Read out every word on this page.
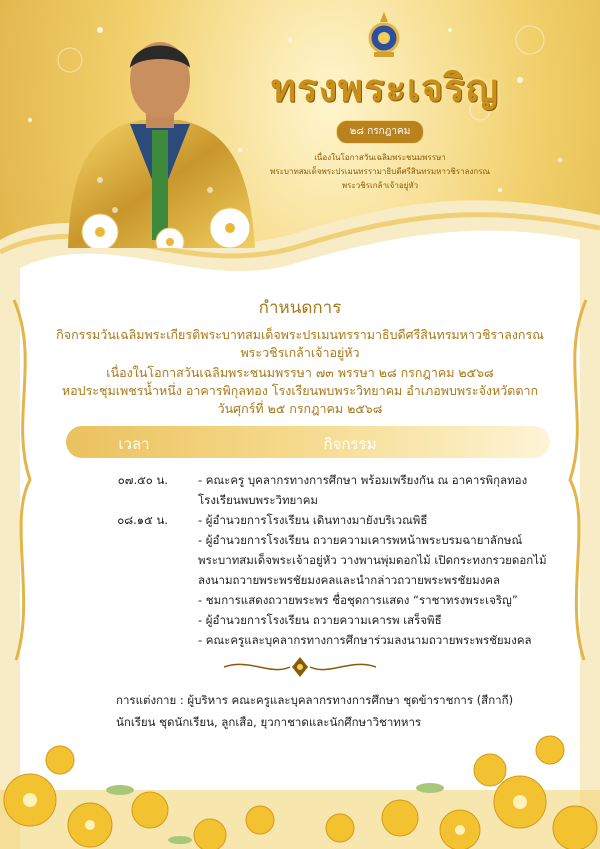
ทรงพระเจริญ
๒๘ กรกฎาคม
เนื่องในโอกาสวันเฉลิมพระชนมพรรษา
พระบาทสมเด็จพระปรเมนทรรามาธิบดีศรีสินทรมหาวชิราลงกรณ
พระวชิรเกล้าเจ้าอยู่หัว
กำหนดการ
กิจกรรมวันเฉลิมพระเกียรติพระบาทสมเด็จพระปรเมนทรรามาธิบดีศรีสินทรมหาวชิราลงกรณ
พระวชิรเกล้าเจ้าอยู่หัว
เนื่องในโอกาสวันเฉลิมพระชนมพรรษา ๗๓ พรรษา ๒๘ กรกฎาคม ๒๕๖๘
หอประชุมเพชรน้ำหนึ่ง อาคารพิกุลทอง โรงเรียนพบพระวิทยาคม อำเภอพบพระจังหวัดตาก
วันศุกร์ที่ ๒๕ กรกฎาคม ๒๕๖๘
เวลา	กิจกรรม
๐๗.๕๐ น.	- คณะครู บุคลากรทางการศึกษา พร้อมเพรียงกัน ณ อาคารพิกุลทอง
โรงเรียนพบพระวิทยาคม
๐๘.๑๕ น.	- ผู้อำนวยการโรงเรียน เดินทางมายังบริเวณพิธี
- ผู้อำนวยการโรงเรียน ถวายความเคารพหน้าพระบรมฉายาลักษณ์
พระบาทสมเด็จพระเจ้าอยู่หัว วางพานพุ่มดอกไม้ เปิดกระทงกรวยดอกไม้
ลงนามถวายพระพรชัยมงคลและนำกล่าวถวายพระพรชัยมงคล
- ชมการแสดงถวายพระพร ชื่อชุดการแสดง “ราชาทรงพระเจริญ”
- ผู้อำนวยการโรงเรียน ถวายความเคารพ เสร็จพิธี
- คณะครูและบุคลากรทางการศึกษาร่วมลงนามถวายพระพรชัยมงคล
การแต่งกาย : ผู้บริหาร คณะครูและบุคลากรทางการศึกษา ชุดข้าราชการ (สีกากี)
นักเรียน ชุดนักเรียน, ลูกเสือ, ยุวกาชาดและนักศึกษาวิชาทหาร
